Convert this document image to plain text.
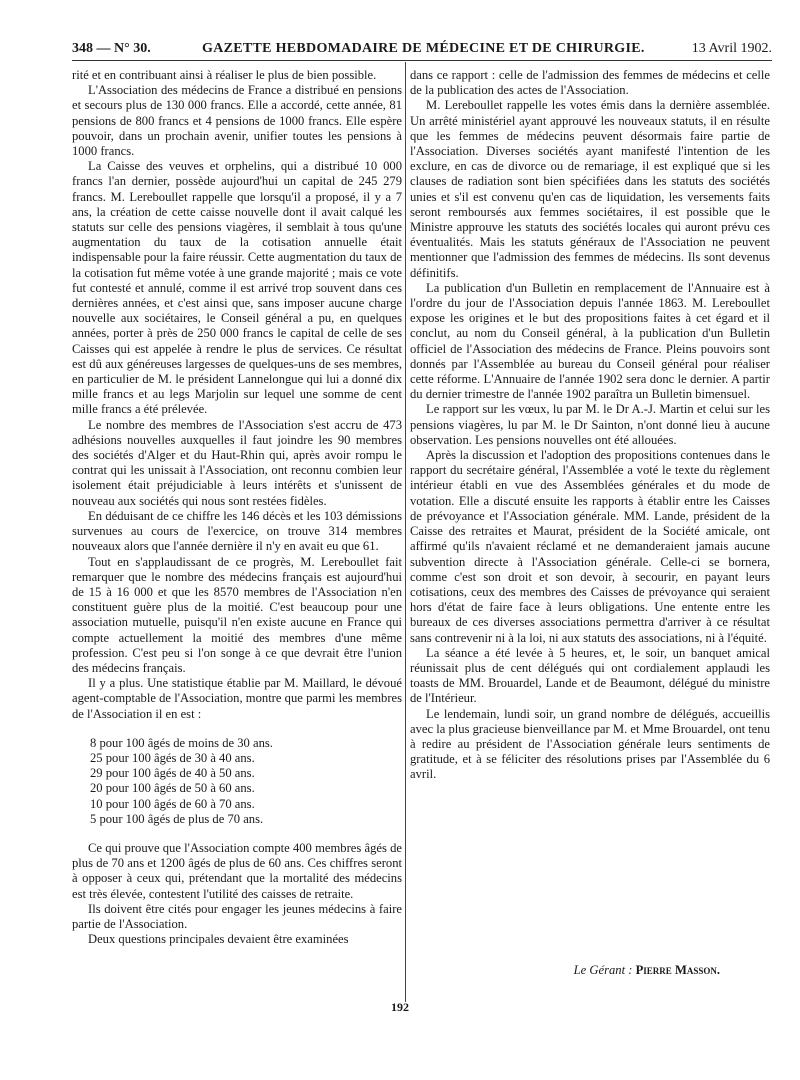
348 — N° 30.	GAZETTE HEBDOMADAIRE DE MÉDECINE ET DE CHIRURGIE.	13 Avril 1902.

rité et en contribuant ainsi à réaliser le plus de bien possible.

L'Association des médecins de France a distribué en pensions et secours plus de 130 000 francs. Elle a accordé, cette année, 81 pensions de 800 francs et 4 pensions de 1000 francs. Elle espère pouvoir, dans un prochain avenir, unifier toutes les pensions à 1000 francs.

La Caisse des veuves et orphelins, qui a distribué 10 000 francs l'an dernier, possède aujourd'hui un capital de 245 279 francs. M. Lereboullet rappelle que lorsqu'il a proposé, il y a 7 ans, la création de cette caisse nouvelle dont il avait calqué les statuts sur celle des pensions viagères, il semblait à tous qu'une augmentation du taux de la cotisation annuelle était indispensable pour la faire réussir. Cette augmentation du taux de la cotisation fut même votée à une grande majorité ; mais ce vote fut contesté et annulé, comme il est arrivé trop souvent dans ces dernières années, et c'est ainsi que, sans imposer aucune charge nouvelle aux sociétaires, le Conseil général a pu, en quelques années, porter à près de 250 000 francs le capital de celle de ses Caisses qui est appelée à rendre le plus de services. Ce résultat est dû aux généreuses largesses de quelques-uns de ses membres, en particulier de M. le président Lannelongue qui lui a donné dix mille francs et au legs Marjolin sur lequel une somme de cent mille francs a été prélevée.

Le nombre des membres de l'Association s'est accru de 473 adhésions nouvelles auxquelles il faut joindre les 90 membres des sociétés d'Alger et du Haut-Rhin qui, après avoir rompu le contrat qui les unissait à l'Association, ont reconnu combien leur isolement était préjudiciable à leurs intérêts et s'unissent de nouveau aux sociétés qui nous sont restées fidèles.

En déduisant de ce chiffre les 146 décès et les 103 démissions survenues au cours de l'exercice, on trouve 314 membres nouveaux alors que l'année dernière il n'y en avait eu que 61.

Tout en s'applaudissant de ce progrès, M. Lereboullet fait remarquer que le nombre des médecins français est aujourd'hui de 15 à 16 000 et que les 8570 membres de l'Association n'en constituent guère plus de la moitié. C'est beaucoup pour une association mutuelle, puisqu'il n'en existe aucune en France qui compte actuellement la moitié des membres d'une même profession. C'est peu si l'on songe à ce que devrait être l'union des médecins français.

Il y a plus. Une statistique établie par M. Maillard, le dévoué agent-comptable de l'Association, montre que parmi les membres de l'Association il en est :

8 pour 100 âgés de moins de 30 ans.
25 pour 100 âgés de 30 à 40 ans.
29 pour 100 âgés de 40 à 50 ans.
20 pour 100 âgés de 50 à 60 ans.
10 pour 100 âgés de 60 à 70 ans.
5 pour 100 âgés de plus de 70 ans.

Ce qui prouve que l'Association compte 400 membres âgés de plus de 70 ans et 1200 âgés de plus de 60 ans. Ces chiffres seront à opposer à ceux qui, prétendant que la mortalité des médecins est très élevée, contestent l'utilité des caisses de retraite.

Ils doivent être cités pour engager les jeunes médecins à faire partie de l'Association.

Deux questions principales devaient être examinées

dans ce rapport : celle de l'admission des femmes de médecins et celle de la publication des actes de l'Association.

M. Lereboullet rappelle les votes émis dans la dernière assemblée. Un arrêté ministériel ayant approuvé les nouveaux statuts, il en résulte que les femmes de médecins peuvent désormais faire partie de l'Association. Diverses sociétés ayant manifesté l'intention de les exclure, en cas de divorce ou de remariage, il est expliqué que si les clauses de radiation sont bien spécifiées dans les statuts des sociétés unies et s'il est convenu qu'en cas de liquidation, les versements faits seront remboursés aux femmes sociétaires, il est possible que le Ministre approuve les statuts des sociétés locales qui auront prévu ces éventualités. Mais les statuts généraux de l'Association ne peuvent mentionner que l'admission des femmes de médecins. Ils sont devenus définitifs.

La publication d'un Bulletin en remplacement de l'Annuaire est à l'ordre du jour de l'Association depuis l'année 1863. M. Lereboullet expose les origines et le but des propositions faites à cet égard et il conclut, au nom du Conseil général, à la publication d'un Bulletin officiel de l'Association des médecins de France. Pleins pouvoirs sont donnés par l'Assemblée au bureau du Conseil général pour réaliser cette réforme. L'Annuaire de l'année 1902 sera donc le dernier. A partir du dernier trimestre de l'année 1902 paraîtra un Bulletin bimensuel.

Le rapport sur les vœux, lu par M. le Dr A.-J. Martin et celui sur les pensions viagères, lu par M. le Dr Sainton, n'ont donné lieu à aucune observation. Les pensions nouvelles ont été allouées.

Après la discussion et l'adoption des propositions contenues dans le rapport du secrétaire général, l'Assemblée a voté le texte du règlement intérieur établi en vue des Assemblées générales et du mode de votation. Elle a discuté ensuite les rapports à établir entre les Caisses de prévoyance et l'Association générale. MM. Lande, président de la Caisse des retraites et Maurat, président de la Société amicale, ont affirmé qu'ils n'avaient réclamé et ne demanderaient jamais aucune subvention directe à l'Association générale. Celle-ci se bornera, comme c'est son droit et son devoir, à secourir, en payant leurs cotisations, ceux des membres des Caisses de prévoyance qui seraient hors d'état de faire face à leurs obligations. Une entente entre les bureaux de ces diverses associations permettra d'arriver à ce résultat sans contrevenir ni à la loi, ni aux statuts des associations, ni à l'équité.

La séance a été levée à 5 heures, et, le soir, un banquet amical réunissait plus de cent délégués qui ont cordialement applaudi les toasts de MM. Brouardel, Lande et de Beaumont, délégué du ministre de l'Intérieur.

Le lendemain, lundi soir, un grand nombre de délégués, accueillis avec la plus gracieuse bienveillance par M. et Mme Brouardel, ont tenu à redire au président de l'Association générale leurs sentiments de gratitude, et à se féliciter des résolutions prises par l'Assemblée du 6 avril.

Le Gérant : Pierre Masson.
192
